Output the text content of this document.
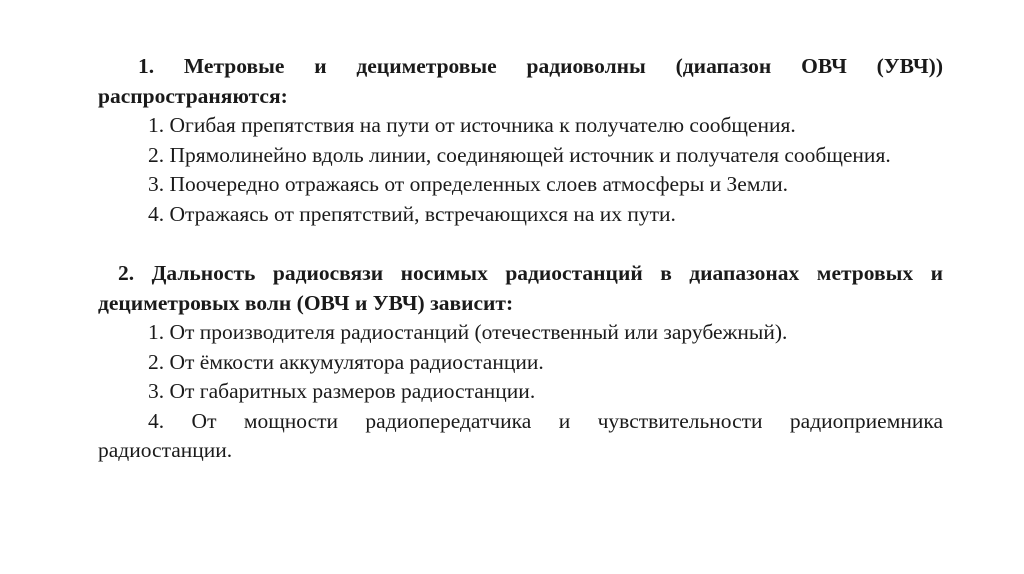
1. Метровые и дециметровые радиоволны (диапазон ОВЧ (УВЧ)) распространяются:
1. Огибая препятствия на пути от источника к получателю сообщения.
2. Прямолинейно вдоль линии, соединяющей источник и получателя сообщения.
3. Поочередно отражаясь от определенных слоев атмосферы и Земли.
4. Отражаясь от препятствий, встречающихся на их пути.
2. Дальность радиосвязи носимых радиостанций в диапазонах метровых и дециметровых волн (ОВЧ и УВЧ) зависит:
1. От производителя радиостанций (отечественный или зарубежный).
2. От ёмкости аккумулятора радиостанции.
3. От габаритных размеров радиостанции.
4. От мощности радиопередатчика и чувствительности радиоприемника радиостанции.
